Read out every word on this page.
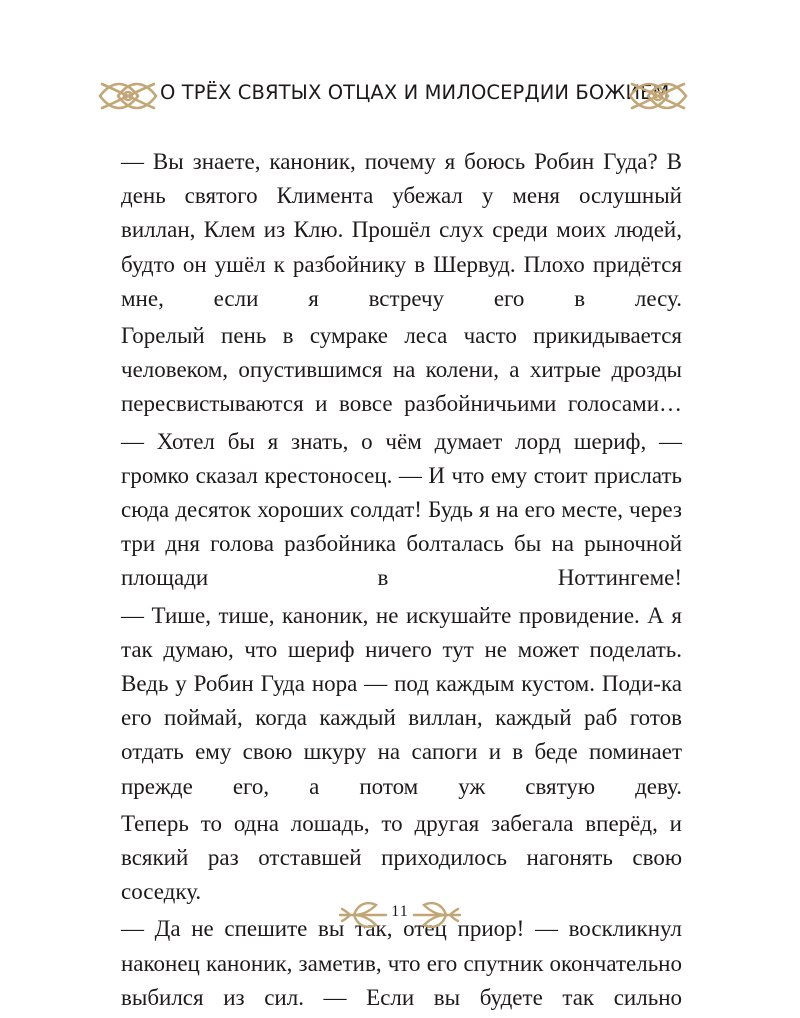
О ТРЁХ СВЯТЫХ ОТЦАХ И МИЛОСЕРДИИ БОЖИЕМ

— Вы знаете, каноник, почему я боюсь Робин Гуда? В день святого Климента убежал у меня ослушный виллан, Клем из Клю. Прошёл слух среди моих людей, будто он ушёл к разбойнику в Шервуд. Плохо придётся мне, если я встречу его в лесу.

Горелый пень в сумраке леса часто прикидывается человеком, опустившимся на колени, а хитрые дрозды пересвистываются и вовсе разбойничьими голосами…

— Хотел бы я знать, о чём думает лорд шериф, — громко сказал крестоносец. — И что ему стоит прислать сюда десяток хороших солдат! Будь я на его месте, через три дня голова разбойника болталась бы на рыночной площади в Ноттингеме!

— Тише, тише, каноник, не искушайте провидение. А я так думаю, что шериф ничего тут не может поделать. Ведь у Робин Гуда нора — под каждым кустом. Поди-ка его поймай, когда каждый виллан, каждый раб готов отдать ему свою шкуру на сапоги и в беде поминает прежде его, а потом уж святую деву.

Теперь то одна лошадь, то другая забегала вперёд, и всякий раз отставшей приходилось нагонять свою соседку.

— Да не спешите вы так, отец приор! — воскликнул наконец каноник, заметив, что его спутник окончательно выбился из сил. — Если вы будете так сильно

11
